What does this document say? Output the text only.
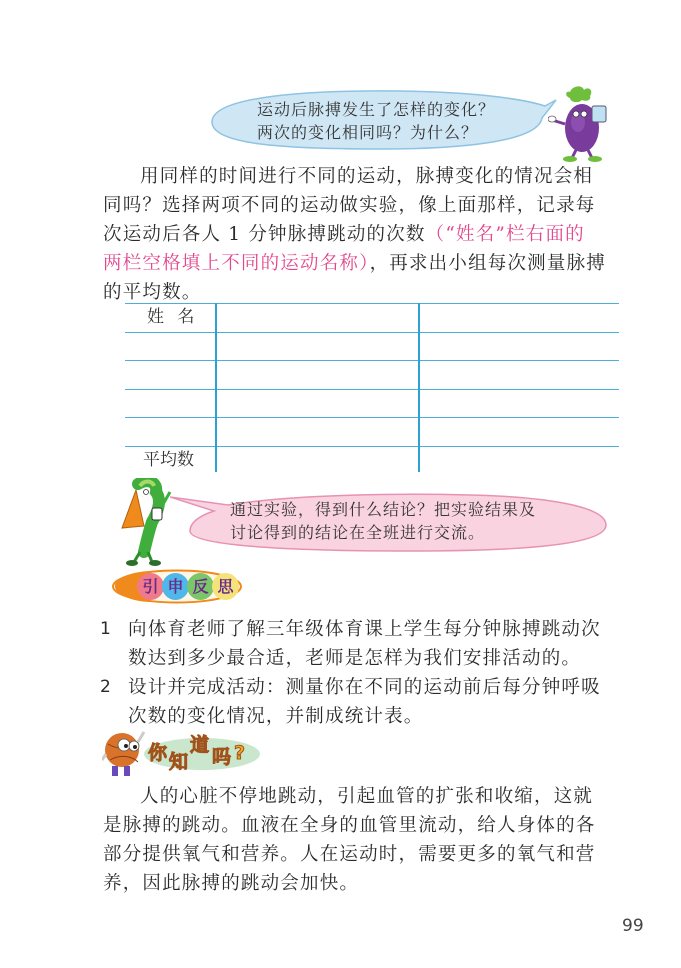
运动后脉搏发生了怎样的变化？
两次的变化相同吗？为什么？
用同样的时间进行不同的运动，脉搏变化的情况会相
同吗？选择两项不同的运动做实验，像上面那样，记录每
次运动后各人 1 分钟脉搏跳动的次数（“姓名”栏右面的
两栏空格填上不同的运动名称），再求出小组每次测量脉搏
的平均数。
姓 名
平均数
通过实验，得到什么结论？把实验结果及
讨论得到的结论在全班进行交流。
引 申 反 思
1 向体育老师了解三年级体育课上学生每分钟脉搏跳动次
数达到多少最合适，老师是怎样为我们安排活动的。
2 设计并完成活动：测量你在不同的运动前后每分钟呼吸
次数的变化情况，并制成统计表。
你 知
道
吗 ?
人的心脏不停地跳动，引起血管的扩张和收缩，这就
是脉搏的跳动。血液在全身的血管里流动，给人身体的各
部分提供氧气和营养。人在运动时，需要更多的氧气和营
养，因此脉搏的跳动会加快。
99
